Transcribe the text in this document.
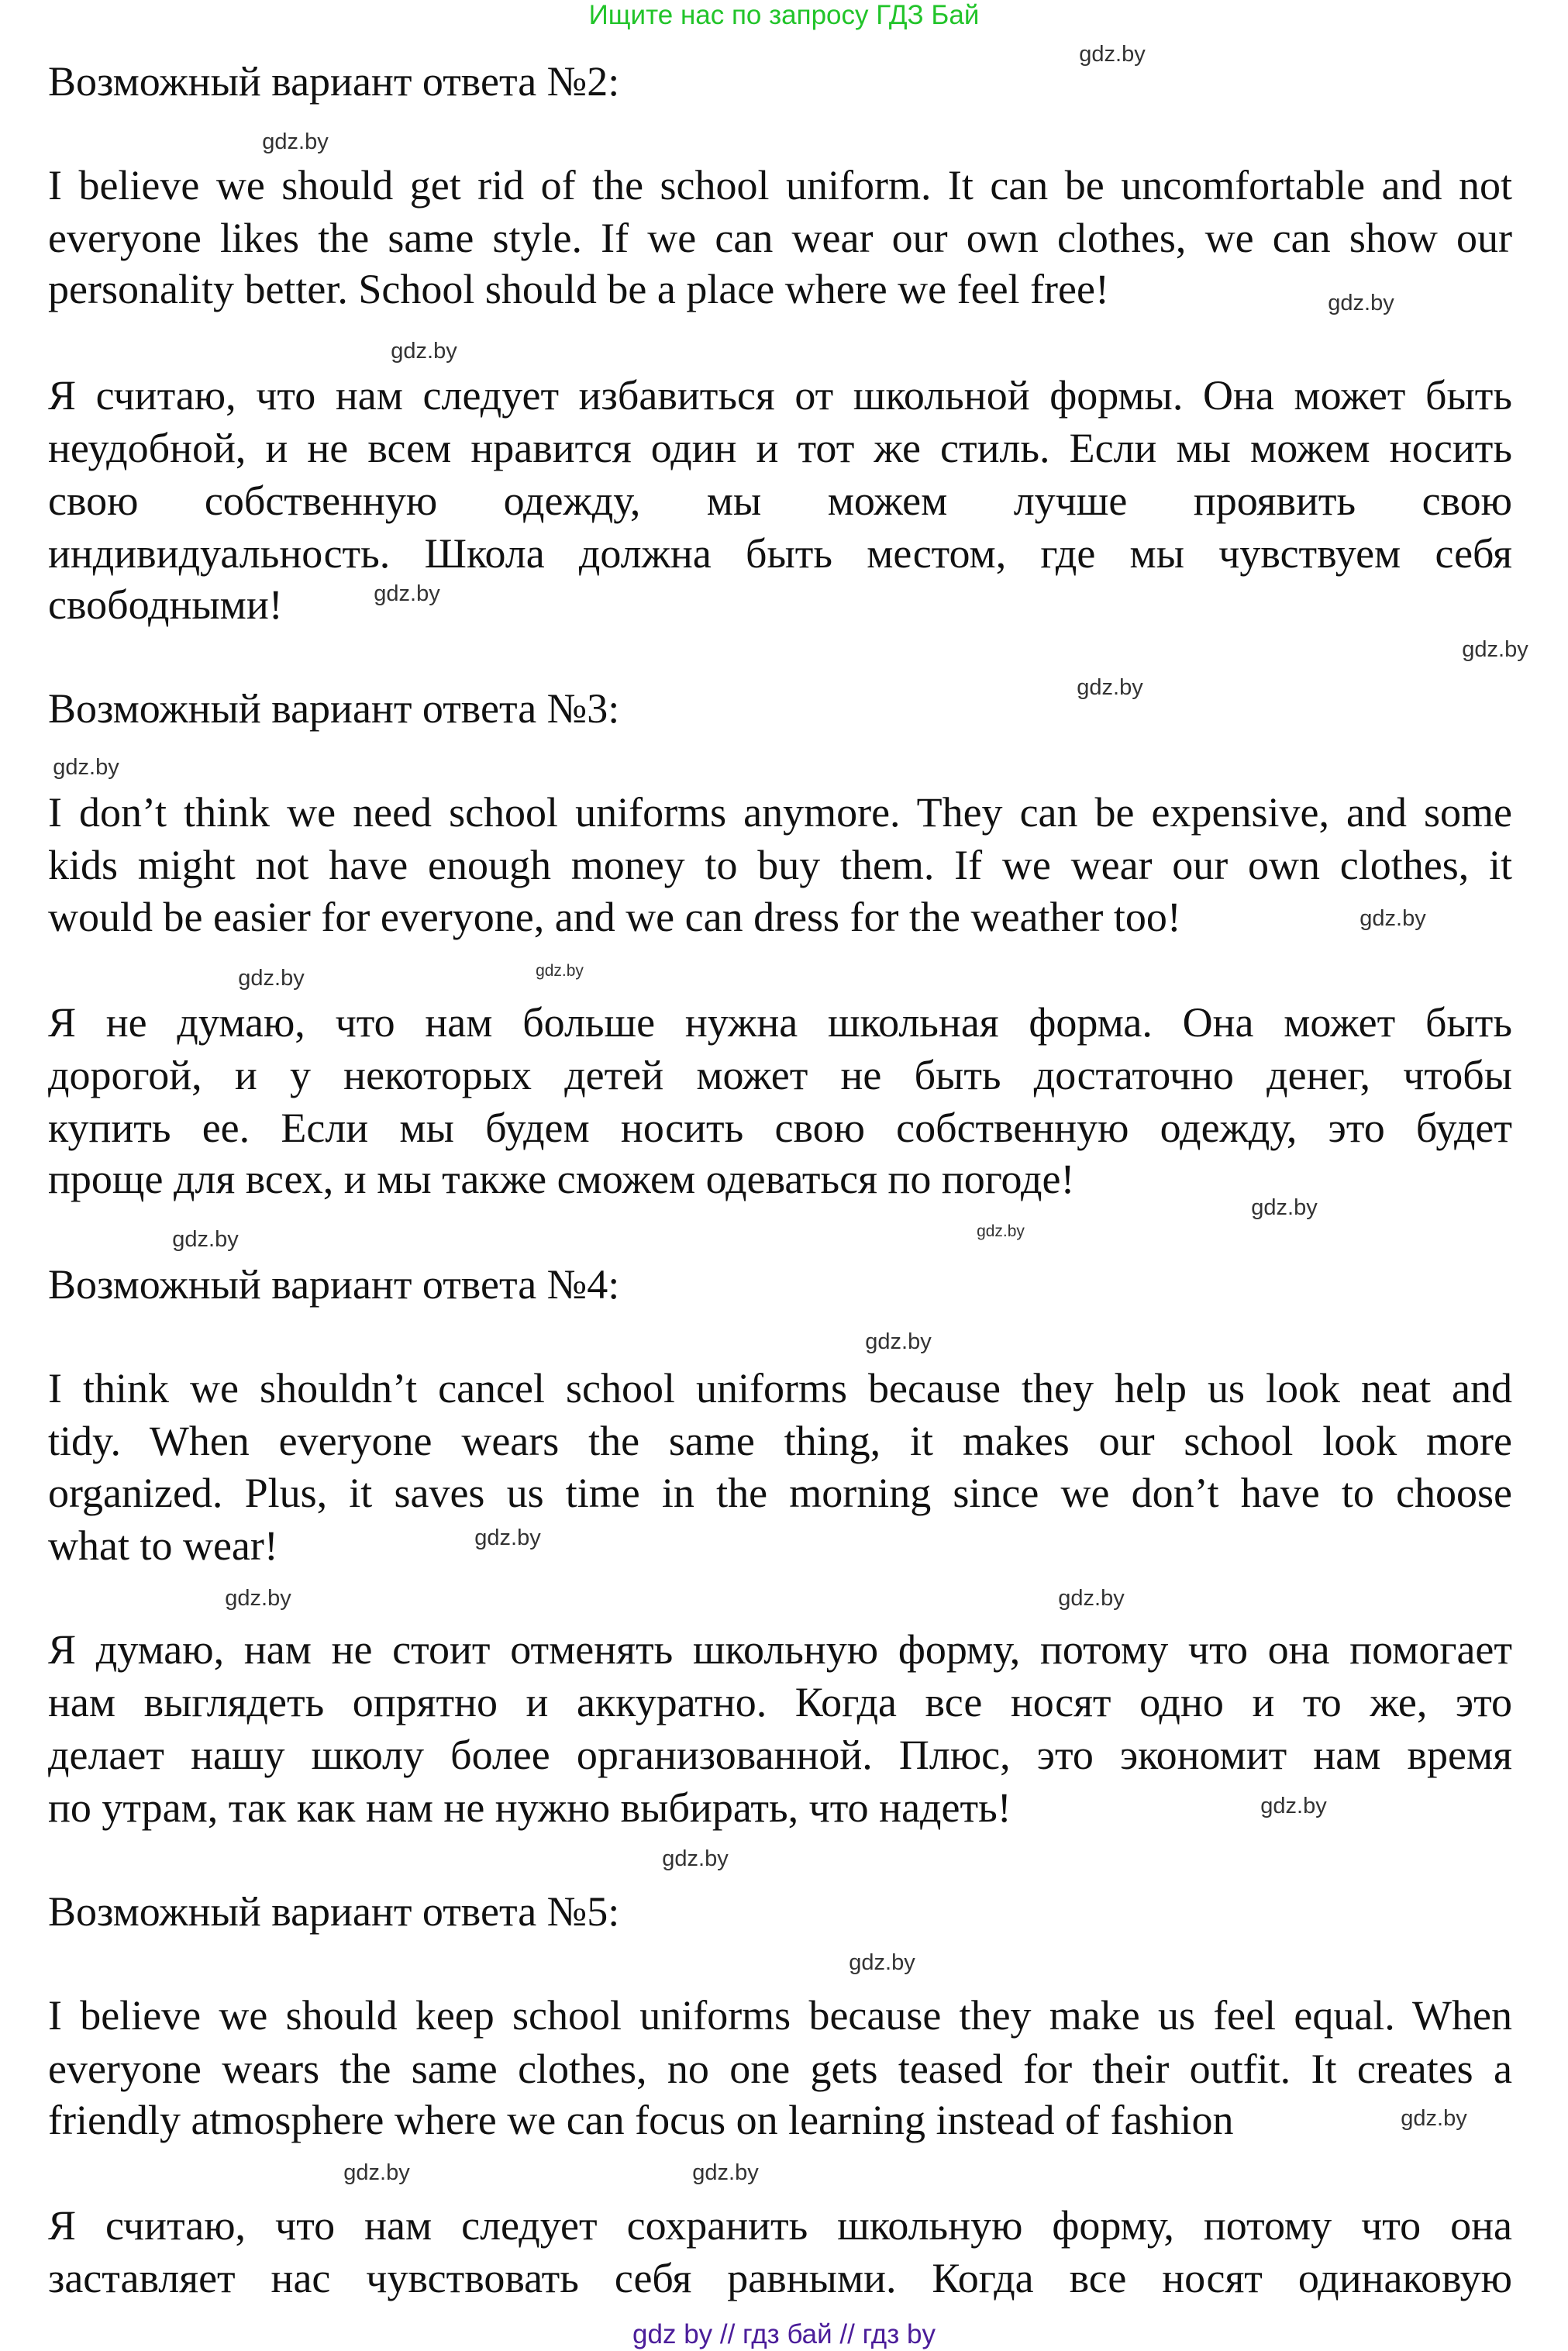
Ищите нас по запросу ГДЗ Бай
Возможный вариант ответа №2:
I believe we should get rid of the school uniform. It can be uncomfortable and not
everyone likes the same style. If we can wear our own clothes, we can show our
personality better. School should be a place where we feel free!
Я считаю, что нам следует избавиться от школьной формы. Она может быть
неудобной, и не всем нравится один и тот же стиль. Если мы можем носить
свою собственную одежду, мы можем лучше проявить свою
индивидуальность. Школа должна быть местом, где мы чувствуем себя
свободными!
Возможный вариант ответа №3:
I don’t think we need school uniforms anymore. They can be expensive, and some
kids might not have enough money to buy them. If we wear our own clothes, it
would be easier for everyone, and we can dress for the weather too!
Я не думаю, что нам больше нужна школьная форма. Она может быть
дорогой, и у некоторых детей может не быть достаточно денег, чтобы
купить ее. Если мы будем носить свою собственную одежду, это будет
проще для всех, и мы также сможем одеваться по погоде!
Возможный вариант ответа №4:
I think we shouldn’t cancel school uniforms because they help us look neat and
tidy. When everyone wears the same thing, it makes our school look more
organized. Plus, it saves us time in the morning since we don’t have to choose
what to wear!
Я думаю, нам не стоит отменять школьную форму, потому что она помогает
нам выглядеть опрятно и аккуратно. Когда все носят одно и то же, это
делает нашу школу более организованной. Плюс, это экономит нам время
по утрам, так как нам не нужно выбирать, что надеть!
Возможный вариант ответа №5:
I believe we should keep school uniforms because they make us feel equal. When
everyone wears the same clothes, no one gets teased for their outfit. It creates a
friendly atmosphere where we can focus on learning instead of fashion
Я считаю, что нам следует сохранить школьную форму, потому что она
заставляет нас чувствовать себя равными. Когда все носят одинаковую
gdz.by
gdz.by
gdz.by
gdz.by
gdz.by
gdz.by
gdz.by
gdz.by
gdz.by
gdz.by	gdz.by
gdz.by
gdz.by
gdz.by
gdz.by
gdz.by
gdz.by	gdz.by
gdz.by
gdz.by
gdz.by
gdz.by
gdz.by	gdz.by
gdz by // гдз бай // гдз by
